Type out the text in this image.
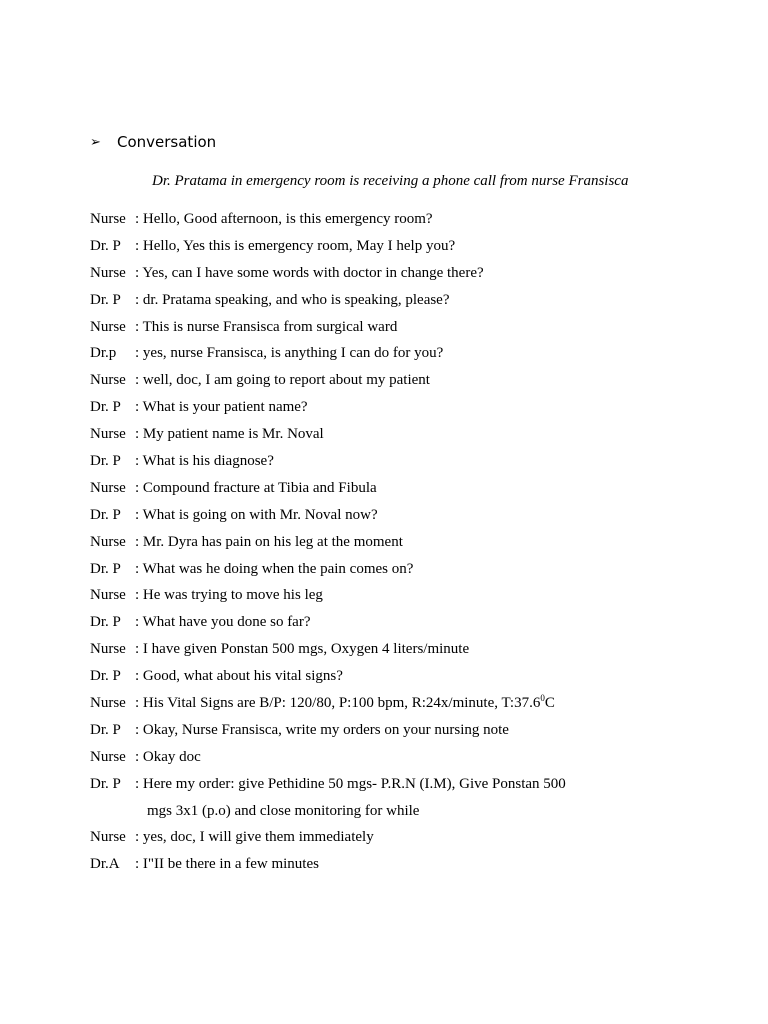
➢	Conversation
Dr. Pratama in emergency room is receiving a phone call from nurse Fransisca
Nurse : Hello, Good afternoon, is this emergency room?
Dr. P : Hello, Yes this is emergency room, May I help you?
Nurse : Yes, can I have some words with doctor in change there?
Dr. P : dr. Pratama speaking, and who is speaking, please?
Nurse : This is nurse Fransisca from surgical ward
Dr.p	: yes, nurse Fransisca, is anything I can do for you?
Nurse : well, doc, I am going to report about my patient
Dr. P : What is your patient name?
Nurse : My patient name is Mr. Noval
Dr. P : What is his diagnose?
Nurse : Compound fracture at Tibia and Fibula
Dr. P : What is going on with Mr. Noval now?
Nurse : Mr. Dyra has pain on his leg at the moment
Dr. P : What was he doing when the pain comes on?
Nurse : He was trying to move his leg
Dr. P : What have you done so far?
Nurse : I have given Ponstan 500 mgs, Oxygen 4 liters/minute
Dr. P : Good, what about his vital signs?
Nurse : His Vital Signs are B/P: 120/80, P:100 bpm, R:24x/minute, T:37.6$^0$C
Dr. P : Okay, Nurse Fransisca, write my orders on your nursing note
Nurse : Okay doc
Dr. P : Here my order: give Pethidine 50 mgs- P.R.N (I.M), Give Ponstan 500
mgs 3x1 (p.o) and close monitoring for while
Nurse : yes, doc, I will give them immediately
Dr.A	: I"II be there in a few minutes
